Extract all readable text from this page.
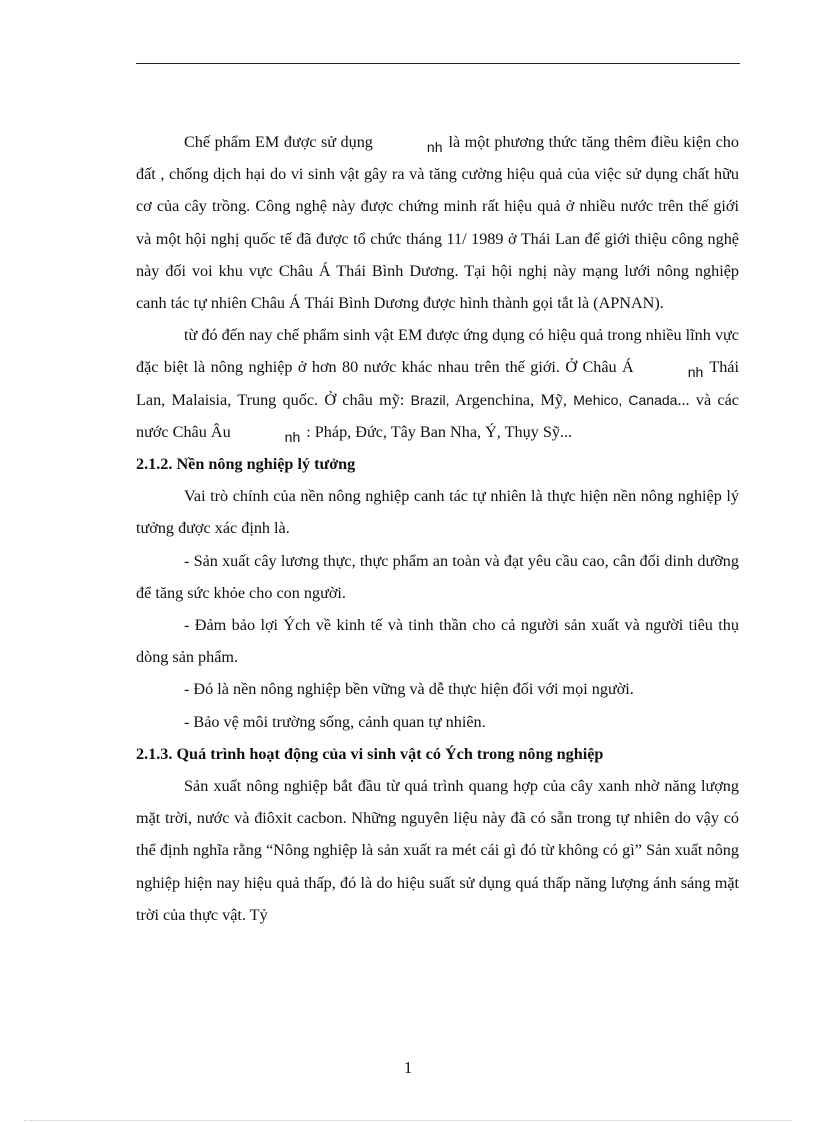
Chế phẩm EM được sử dụng	nh là một phương thức tăng thêm điều kiện cho đất , chống dịch hại do vi sinh vật gây ra và tăng cường hiệu quả của việc sử dụng chất hữu cơ của cây trồng. Công nghệ này được chứng minh rất hiệu quả ở nhiều nước trên thế giới và một hội nghị quốc tế đã được tổ chức tháng 11/ 1989 ở Thái Lan để giới thiệu công nghệ này đối voi khu vực Châu Á Thái Bình Dương. Tại hội nghị này mạng lưới nông nghiệp canh tác tự nhiên Châu Á Thái Bình Dương được hình thành gọi tắt là (APNAN).

từ đó đến nay chế phẩm sinh vật EM được ứng dụng có hiệu quả trong nhiều lĩnh vực đặc biệt là nông nghiệp ở hơn 80 nước khác nhau trên thế giới. Ở Châu Á	nh Thái Lan, Malaisia, Trung quốc. Ở châu mỹ: Brazil, Argenchina, Mỹ, Mehico, Canada... và các nước Châu Âu	nh : Pháp, Đức, Tây Ban Nha, Ý, Thụy Sỹ...

2.1.2. Nền nông nghiệp lý tưởng

Vai trò chính của nền nông nghiệp canh tác tự nhiên là thực hiện nền nông nghiệp lý tưởng được xác định là.

- Sản xuất cây lương thực, thực phẩm an toàn và đạt yêu cầu cao, cân đối dinh dưỡng để tăng sức khỏe cho con người.

- Đảm bảo lợi Ých về kinh tế và tinh thần cho cả người sản xuất và người tiêu thụ dòng sản phẩm.

- Đó là nền nông nghiệp bền vững và dễ thực hiện đối với mọi người.

- Bảo vệ môi trường sống, cảnh quan tự nhiên.

2.1.3. Quá trình hoạt động của vi sinh vật có Ých trong nông nghiệp

Sản xuất nông nghiệp bắt đầu từ quá trình quang hợp của cây xanh nhờ năng lượng mặt trời, nước và điôxit cacbon. Những nguyên liệu này đã có sẵn trong tự nhiên do vậy có thể định nghĩa rằng “Nông nghiệp là sản xuất ra mét cái gì đó từ không có gì” Sản xuất nông nghiệp hiện nay hiệu quả thấp, đó là do hiệu suất sử dụng quá thấp năng lượng ánh sáng mặt trời của thực vật. Tỷ

1
